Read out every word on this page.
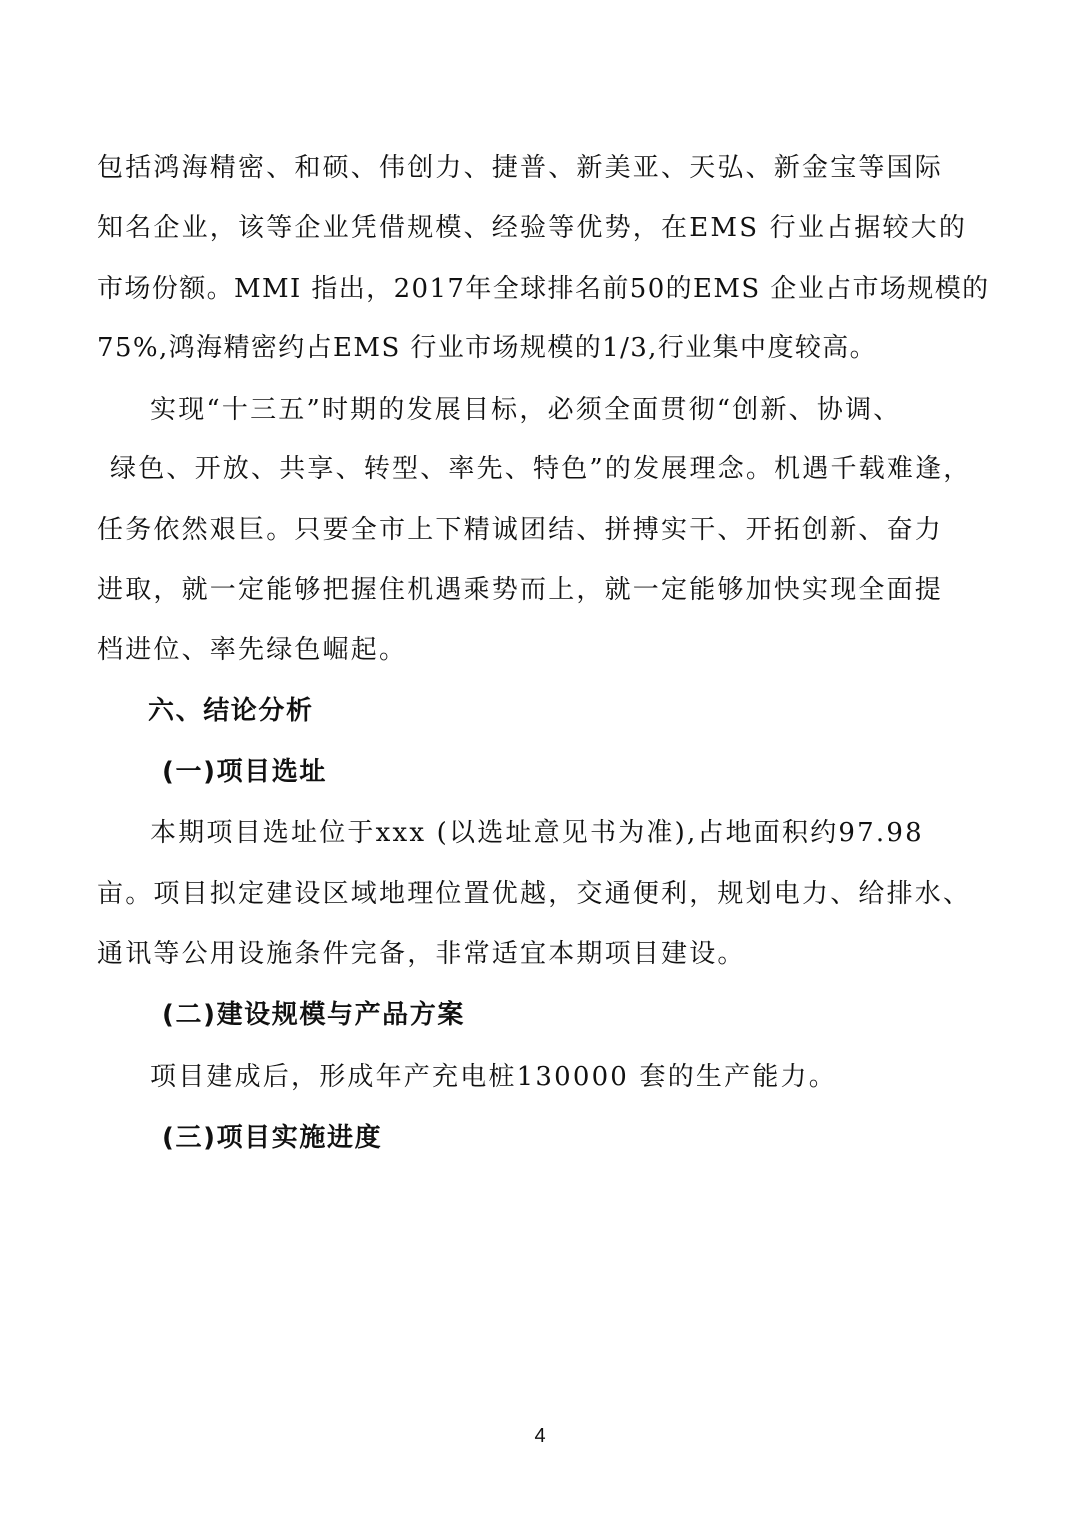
包括鸿海精密、和硕、伟创力、捷普、新美亚、天弘、新金宝等国际
知名企业，该等企业凭借规模、经验等优势，在EMS 行业占据较大的
市场份额。MMI 指出，2017年全球排名前50的EMS 企业占市场规模的
75%,鸿海精密约占EMS 行业市场规模的1/3,行业集中度较高。
实现“十三五”时期的发展目标，必须全面贯彻“创新、协调、
绿色、开放、共享、转型、率先、特色”的发展理念。机遇千载难逢，
任务依然艰巨。只要全市上下精诚团结、拼搏实干、开拓创新、奋力
进取，就一定能够把握住机遇乘势而上，就一定能够加快实现全面提
档进位、率先绿色崛起。
六、结论分析
(一)项目选址
本期项目选址位于xxx (以选址意见书为准),占地面积约97.98
亩。项目拟定建设区域地理位置优越，交通便利，规划电力、给排水、
通讯等公用设施条件完备，非常适宜本期项目建设。
(二)建设规模与产品方案
项目建成后，形成年产充电桩130000 套的生产能力。
(三)项目实施进度
4
